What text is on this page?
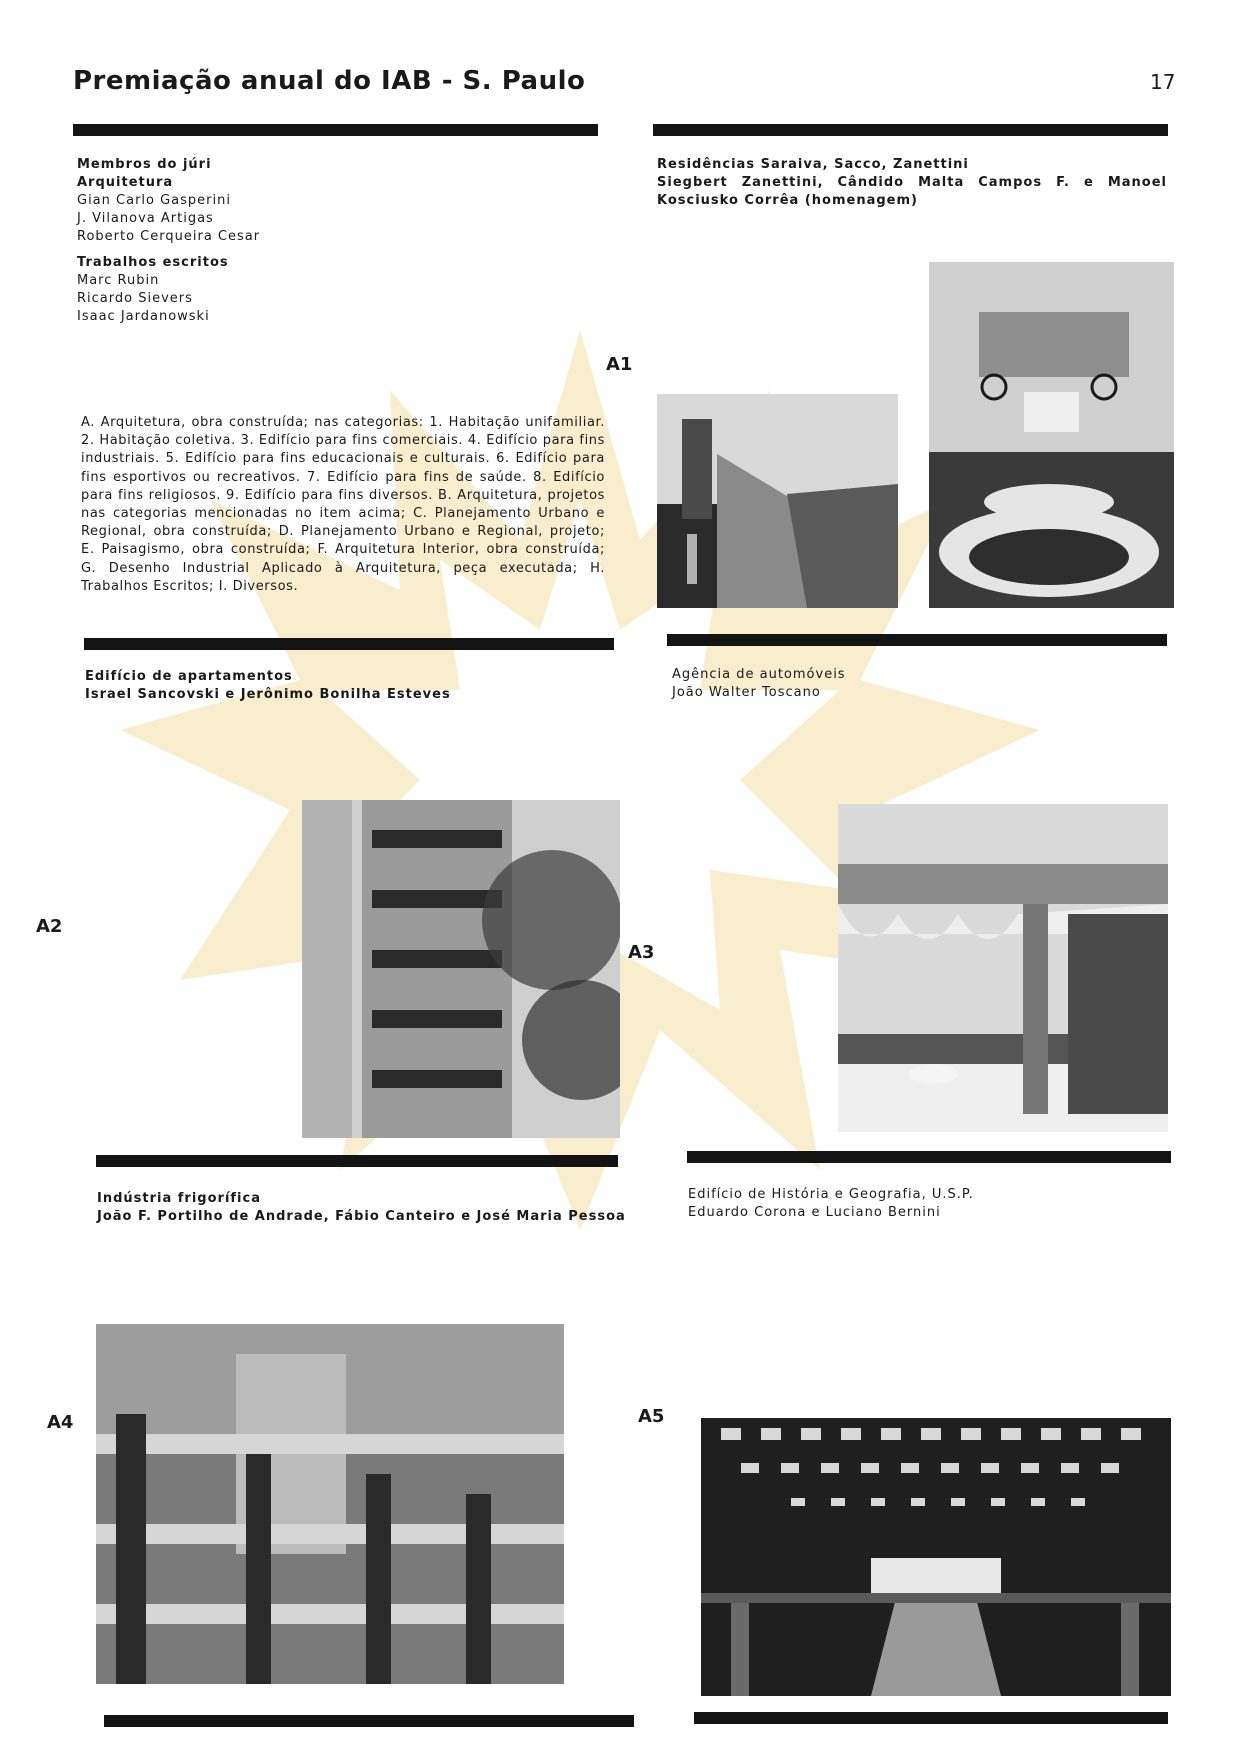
Premiação anual do IAB - S. Paulo	17
Membros do júri
Arquitetura
Gian Carlo Gasperini
J. Vilanova Artigas
Roberto Cerqueira Cesar
Trabalhos escritos
Marc Rubin
Ricardo Sievers
Isaac Jardanowski
Residências Saraiva, Sacco, Zanettini
Siegbert Zanettini, Cândido Malta Campos F. e Manoel Kosciusko Corrêa (homenagem)
A1
A. Arquitetura, obra construída; nas categorias: 1. Habitação unifamiliar. 2. Habitação coletiva. 3. Edifício para fins comerciais. 4. Edifício para fins industriais. 5. Edifício para fins educacionais e culturais. 6. Edifício para fins esportivos ou recreativos. 7. Edifício para fins de saúde. 8. Edifício para fins religiosos. 9. Edifício para fins diversos. B. Arquitetura, projetos nas categorias mencionadas no item acima; C. Planejamento Urbano e Regional, obra construída; D. Planejamento Urbano e Regional, projeto; E. Paisagismo, obra construída; F. Arquitetura Interior, obra construída; G. Desenho Industrial Aplicado à Arquitetura, peça executada; H. Trabalhos Escritos; I. Diversos.
Edifício de apartamentos
Israel Sancovski e Jerônimo Bonilha Esteves
Agência de automóveis
João Walter Toscano
A2
A3
Indústria frigorífica
João F. Portilho de Andrade, Fábio Canteiro e José Maria Pessoa
Edifício de História e Geografia, U.S.P.
Eduardo Corona e Luciano Bernini
A4	A5
